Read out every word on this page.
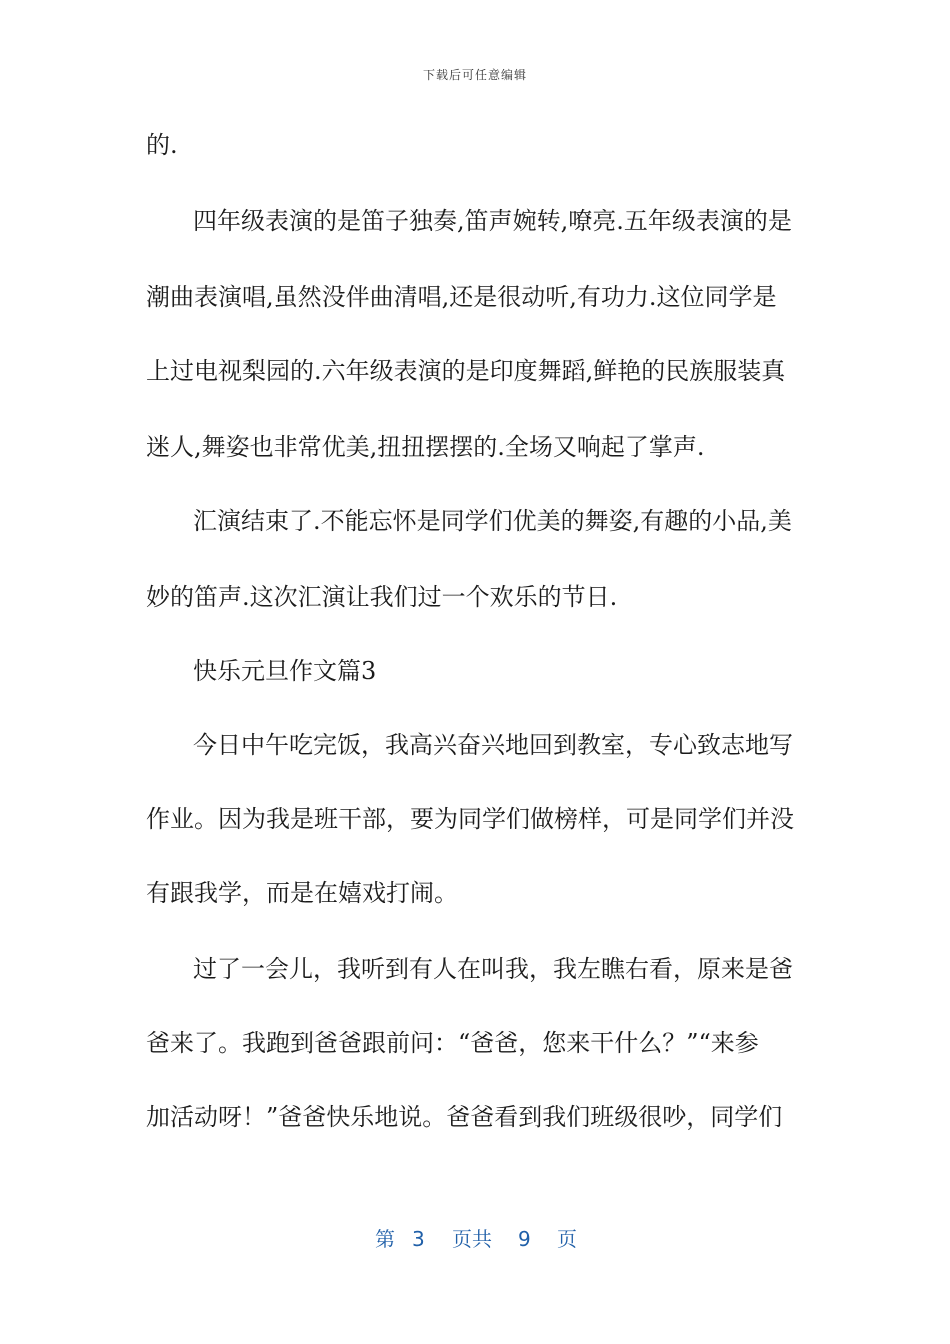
下载后可任意编辑
的.
四年级表演的是笛子独奏,笛声婉转,嘹亮.五年级表演的是
潮曲表演唱,虽然没伴曲清唱,还是很动听,有功力.这位同学是
上过电视梨园的.六年级表演的是印度舞蹈,鲜艳的民族服装真
迷人,舞姿也非常优美,扭扭摆摆的.全场又响起了掌声.
汇演结束了.不能忘怀是同学们优美的舞姿,有趣的小品,美
妙的笛声.这次汇演让我们过一个欢乐的节日.
快乐元旦作文篇3
今日中午吃完饭，我高兴奋兴地回到教室，专心致志地写
作业。因为我是班干部，要为同学们做榜样，可是同学们并没
有跟我学，而是在嬉戏打闹。
过了一会儿，我听到有人在叫我，我左瞧右看，原来是爸
爸来了。我跑到爸爸跟前问：“爸爸，您来干什么？”“来参
加活动呀！”爸爸快乐地说。爸爸看到我们班级很吵，同学们
第 3 页共 9 页
